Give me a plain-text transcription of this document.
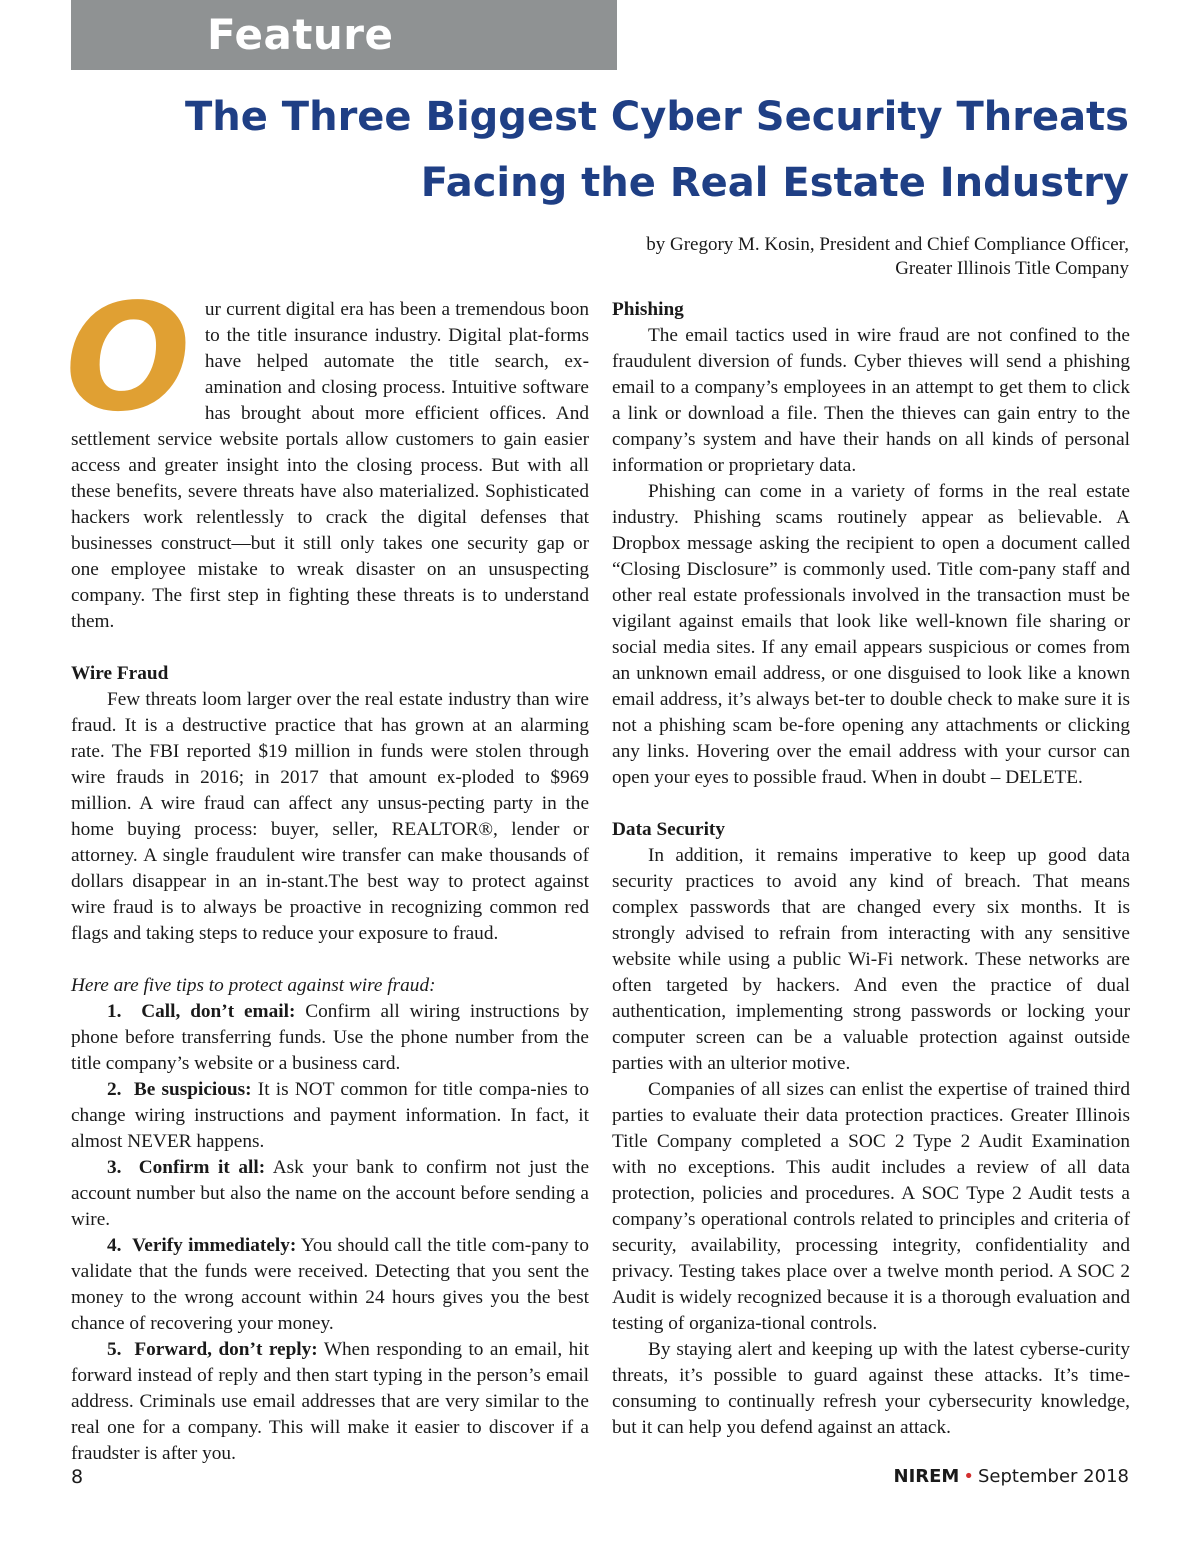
Feature
The Three Biggest Cyber Security Threats
Facing the Real Estate Industry
by Gregory M. Kosin, President and Chief Compliance Officer,
Greater Illinois Title Company

Our current digital era has been a tremendous boon to the title insurance industry. Digital plat-forms have helped automate the title search, ex-amination and closing process. Intuitive software has brought about more efficient offices. And settlement service website portals allow customers to gain easier access and greater insight into the closing process. But with all these benefits, severe threats have also materialized. Sophisticated hackers work relentlessly to crack the digital defenses that businesses construct—but it still only takes one security gap or one employee mistake to wreak disaster on an unsuspecting company. The first step in fighting these threats is to understand them.

Wire Fraud

Few threats loom larger over the real estate industry than wire fraud. It is a destructive practice that has grown at an alarming rate. The FBI reported $19 million in funds were stolen through wire frauds in 2016; in 2017 that amount ex-ploded to $969 million. A wire fraud can affect any unsus-pecting party in the home buying process: buyer, seller, REALTOR®, lender or attorney. A single fraudulent wire transfer can make thousands of dollars disappear in an in-stant.The best way to protect against wire fraud is to always be proactive in recognizing common red flags and taking steps to reduce your exposure to fraud.

Here are five tips to protect against wire fraud:

1. Call, don’t email: Confirm all wiring instructions by phone before transferring funds. Use the phone number from the title company’s website or a business card.

2. Be suspicious: It is NOT common for title compa-nies to change wiring instructions and payment information. In fact, it almost NEVER happens.

3. Confirm it all: Ask your bank to confirm not just the account number but also the name on the account before sending a wire.

4. Verify immediately: You should call the title com-pany to validate that the funds were received. Detecting that you sent the money to the wrong account within 24 hours gives you the best chance of recovering your money.

5. Forward, don’t reply: When responding to an email, hit forward instead of reply and then start typing in the person’s email address. Criminals use email addresses that are very similar to the real one for a company. This will make it easier to discover if a fraudster is after you.

Phishing

The email tactics used in wire fraud are not confined to the fraudulent diversion of funds. Cyber thieves will send a phishing email to a company’s employees in an attempt to get them to click a link or download a file. Then the thieves can gain entry to the company’s system and have their hands on all kinds of personal information or proprietary data.

Phishing can come in a variety of forms in the real estate industry. Phishing scams routinely appear as believable. A Dropbox message asking the recipient to open a document called “Closing Disclosure” is commonly used. Title com-pany staff and other real estate professionals involved in the transaction must be vigilant against emails that look like well-known file sharing or social media sites. If any email appears suspicious or comes from an unknown email address, or one disguised to look like a known email address, it’s always bet-ter to double check to make sure it is not a phishing scam be-fore opening any attachments or clicking any links. Hovering over the email address with your cursor can open your eyes to possible fraud. When in doubt – DELETE.

Data Security

In addition, it remains imperative to keep up good data security practices to avoid any kind of breach. That means complex passwords that are changed every six months. It is strongly advised to refrain from interacting with any sensitive website while using a public Wi-Fi network. These networks are often targeted by hackers. And even the practice of dual authentication, implementing strong passwords or locking your computer screen can be a valuable protection against outside parties with an ulterior motive.

Companies of all sizes can enlist the expertise of trained third parties to evaluate their data protection practices. Greater Illinois Title Company completed a SOC 2 Type 2 Audit Examination with no exceptions. This audit includes a review of all data protection, policies and procedures. A SOC Type 2 Audit tests a company’s operational controls related to principles and criteria of security, availability, processing integrity, confidentiality and privacy. Testing takes place over a twelve month period. A SOC 2 Audit is widely recognized because it is a thorough evaluation and testing of organiza-tional controls.

By staying alert and keeping up with the latest cyberse-curity threats, it’s possible to guard against these attacks. It’s time-consuming to continually refresh your cybersecurity knowledge, but it can help you defend against an attack.

8	NIREM • September 2018
